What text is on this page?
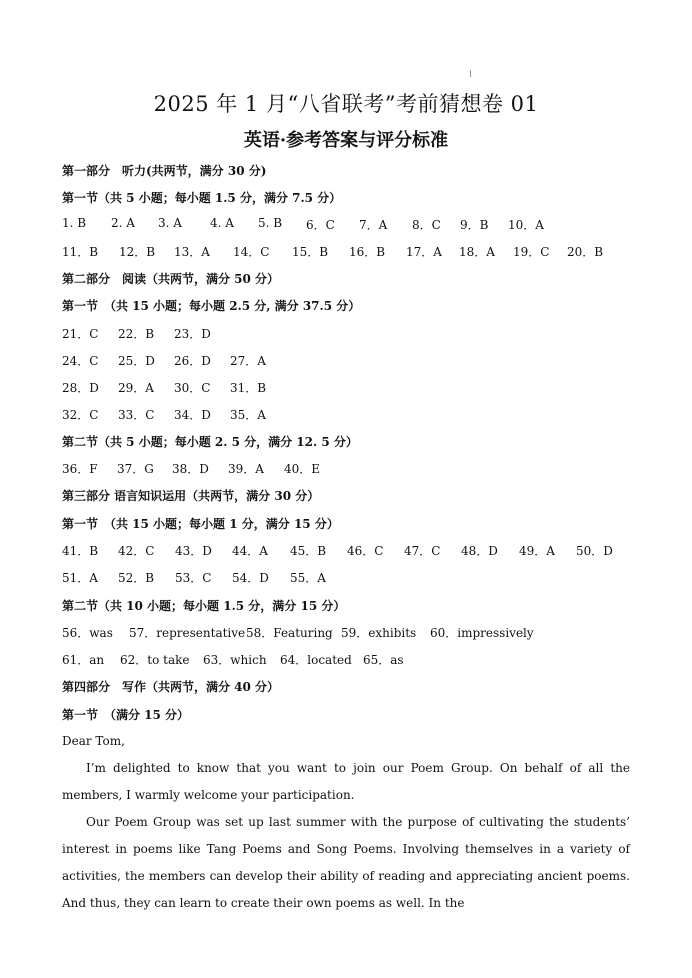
2025 年 1 月“八省联考”考前猜想卷 01
英语·参考答案与评分标准
第一部分　听力(共两节，满分 30 分)
第一节（共 5 小题；每小题 1.5 分，满分 7.5 分）
1. B 2. A 3. A 4. A 5. B 6．C 7．A 8．C 9．B 10．A
11．B 12．B 13．A 14．C 15．B 16．B 17．A 18．A 19．C 20．B
第二部分　阅读（共两节，满分 50 分）
第一节　（共 15 小题；每小题 2.5 分, 满分 37.5 分）
21．C 22．B 23．D
24．C 25．D 26．D 27．A
28．D 29．A 30．C 31．B
32．C 33．C 34．D 35．A
第二节（共 5 小题；每小题 2. 5 分，满分 12. 5 分）
36．F 37．G 38．D 39．A 40．E
第三部分 语言知识运用（共两节，满分 30 分）
第一节　（共 15 小题；每小题 1 分，满分 15 分）
41．B 42．C 43．D 44．A 45．B 46．C 47．C 48．D 49．A 50．D
51．A 52．B 53．C 54．D 55．A
第二节（共 10 小题；每小题 1.5 分，满分 15 分）
56．was 57．representative 58．Featuring 59．exhibits 60．impressively
61．an 62．to take 63．which 64．located 65．as
第四部分　写作（共两节，满分 40 分）
第一节　（满分 15 分）
Dear Tom,
I’m delighted to know that you want to join our Poem Group. On behalf of all the members, I warmly welcome your participation.
Our Poem Group was set up last summer with the purpose of cultivating the students’ interest in poems like Tang Poems and Song Poems. Involving themselves in a variety of activities, the members can develop their ability of reading and appreciating ancient poems. And thus, they can learn to create their own poems as well. In the
